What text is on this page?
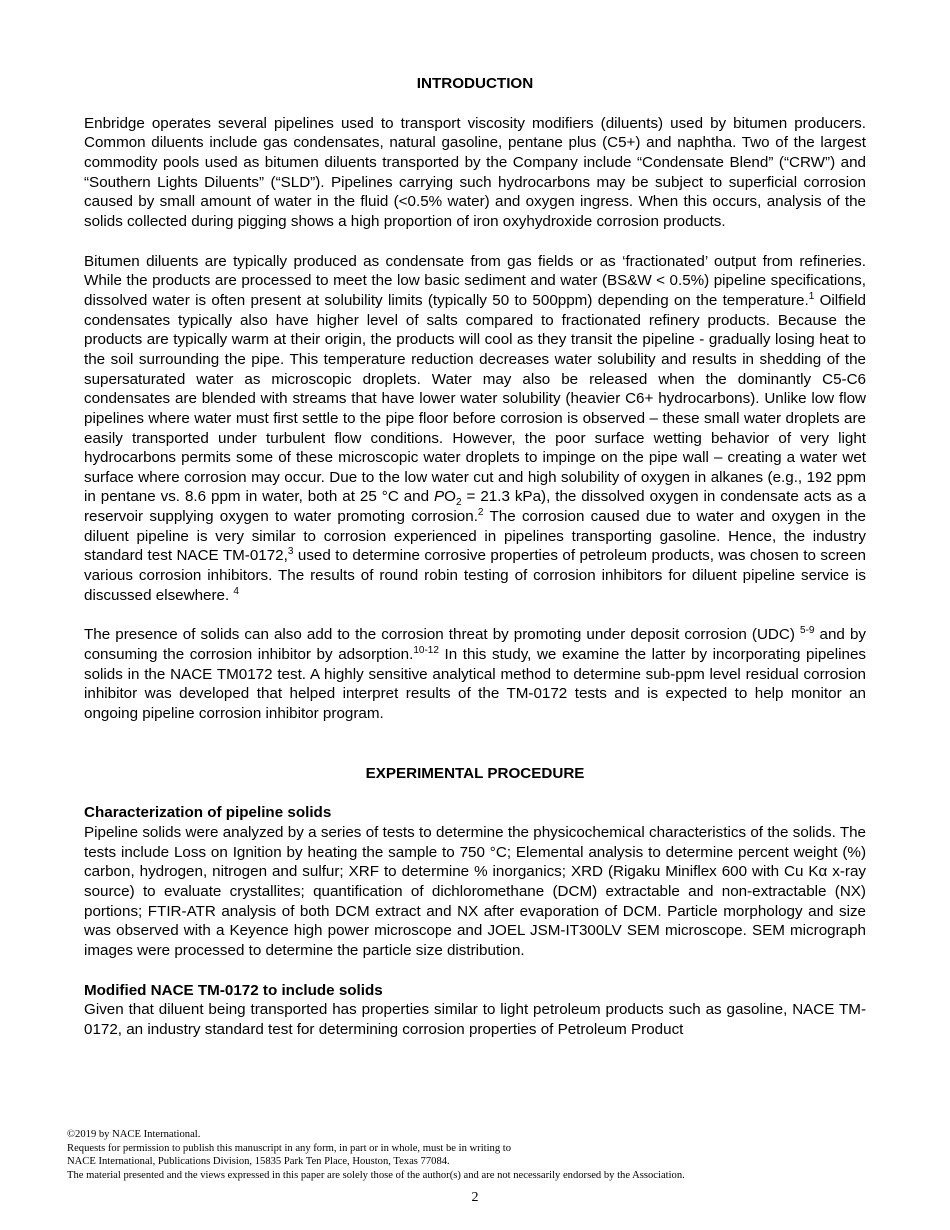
INTRODUCTION

Enbridge operates several pipelines used to transport viscosity modifiers (diluents) used by bitumen producers. Common diluents include gas condensates, natural gasoline, pentane plus (C5+) and naphtha. Two of the largest commodity pools used as bitumen diluents transported by the Company include “Condensate Blend” (“CRW”) and “Southern Lights Diluents” (“SLD”). Pipelines carrying such hydrocarbons may be subject to superficial corrosion caused by small amount of water in the fluid (<0.5% water) and oxygen ingress. When this occurs, analysis of the solids collected during pigging shows a high proportion of iron oxyhydroxide corrosion products.

Bitumen diluents are typically produced as condensate from gas fields or as ‘fractionated’ output from refineries. While the products are processed to meet the low basic sediment and water (BS&W < 0.5%) pipeline specifications, dissolved water is often present at solubility limits (typically 50 to 500ppm) depending on the temperature.$^1$ Oilfield condensates typically also have higher level of salts compared to fractionated refinery products. Because the products are typically warm at their origin, the products will cool as they transit the pipeline - gradually losing heat to the soil surrounding the pipe. This temperature reduction decreases water solubility and results in shedding of the supersaturated water as microscopic droplets. Water may also be released when the dominantly C5-C6 condensates are blended with streams that have lower water solubility (heavier C6+ hydrocarbons). Unlike low flow pipelines where water must first settle to the pipe floor before corrosion is observed – these small water droplets are easily transported under turbulent flow conditions. However, the poor surface wetting behavior of very light hydrocarbons permits some of these microscopic water droplets to impinge on the pipe wall – creating a water wet surface where corrosion may occur. Due to the low water cut and high solubility of oxygen in alkanes (e.g., 192 ppm in pentane vs. 8.6 ppm in water, both at 25 °C and $PO_2 = 21.3$ kPa), the dissolved oxygen in condensate acts as a reservoir supplying oxygen to water promoting corrosion.$^2$ The corrosion caused due to water and oxygen in the diluent pipeline is very similar to corrosion experienced in pipelines transporting gasoline. Hence, the industry standard test NACE TM-0172,$^3$ used to determine corrosive properties of petroleum products, was chosen to screen various corrosion inhibitors. The results of round robin testing of corrosion inhibitors for diluent pipeline service is discussed elsewhere. $^4$

The presence of solids can also add to the corrosion threat by promoting under deposit corrosion (UDC) $^{5-9}$ and by consuming the corrosion inhibitor by adsorption.$^{10-12}$ In this study, we examine the latter by incorporating pipelines solids in the NACE TM0172 test. A highly sensitive analytical method to determine sub-ppm level residual corrosion inhibitor was developed that helped interpret results of the TM-0172 tests and is expected to help monitor an ongoing pipeline corrosion inhibitor program.

EXPERIMENTAL PROCEDURE
Characterization of pipeline solids

Pipeline solids were analyzed by a series of tests to determine the physicochemical characteristics of the solids. The tests include Loss on Ignition by heating the sample to 750 °C; Elemental analysis to determine percent weight (%) carbon, hydrogen, nitrogen and sulfur; XRF to determine % inorganics; XRD (Rigaku Miniflex 600 with Cu Kα x-ray source) to evaluate crystallites; quantification of dichloromethane (DCM) extractable and non-extractable (NX) portions; FTIR-ATR analysis of both DCM extract and NX after evaporation of DCM. Particle morphology and size was observed with a Keyence high power microscope and JOEL JSM-IT300LV SEM microscope. SEM micrograph images were processed to determine the particle size distribution.

Modified NACE TM-0172 to include solids

Given that diluent being transported has properties similar to light petroleum products such as gasoline, NACE TM-0172, an industry standard test for determining corrosion properties of Petroleum Product

©2019 by NACE International.
Requests for permission to publish this manuscript in any form, in part or in whole, must be in writing to
NACE International, Publications Division, 15835 Park Ten Place, Houston, Texas 77084.
The material presented and the views expressed in this paper are solely those of the author(s) and are not necessarily endorsed by the Association.
2
